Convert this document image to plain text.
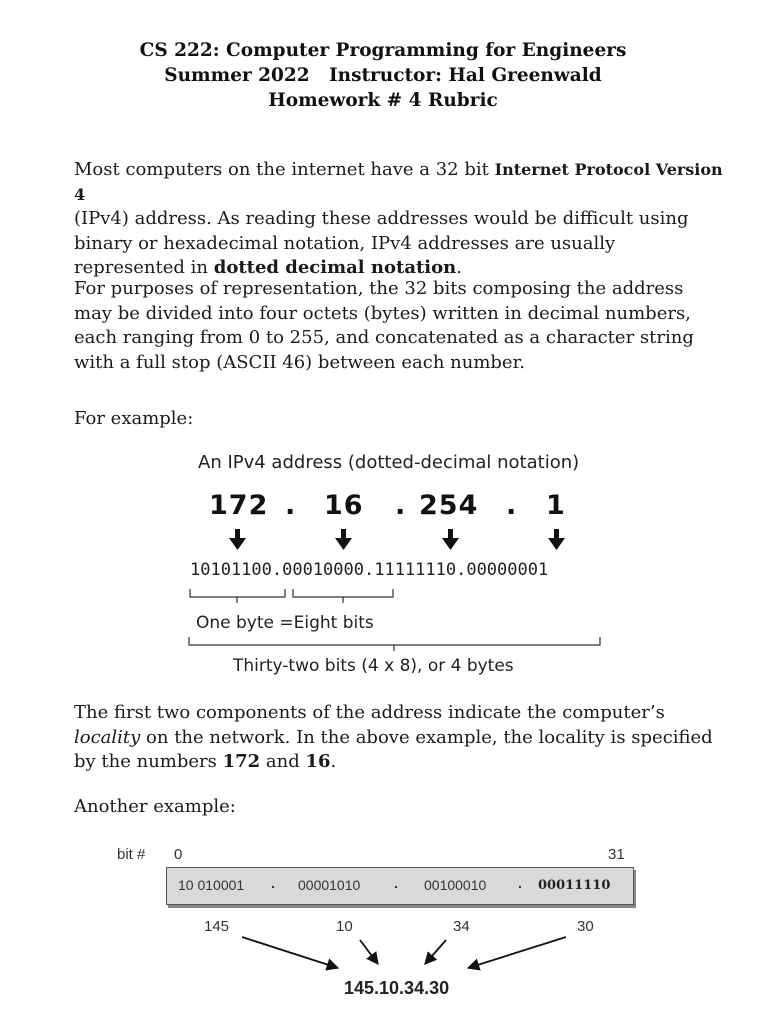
CS 222: Computer Programming for Engineers
Summer 2022   Instructor: Hal Greenwald
Homework # 4 Rubric
Most computers on the internet have a 32 bit Internet Protocol Version 4
(IPv4) address. As reading these addresses would be difficult using binary or hexadecimal notation, IPv4 addresses are usually represented in dotted decimal notation.
For purposes of representation, the 32 bits composing the address may be divided into four octets (bytes) written in decimal numbers, each ranging from 0 to 255, and concatenated as a character string with a full stop (ASCII 46) between each number.
For example:
An IPv4 address (dotted-decimal notation)
172 . 16 . 254 . 1
10101100.00010000.11111110.00000001
One byte =Eight bits
Thirty-two bits (4 x 8), or 4 bytes
The first two components of the address indicate the computer’s locality on the network. In the above example, the locality is specified by the numbers 172 and 16.
Another example:
bit # 0	31
10 010001 . 00001010 . 00100010 . 00011110
145	10	34	30
145.10.34.30
